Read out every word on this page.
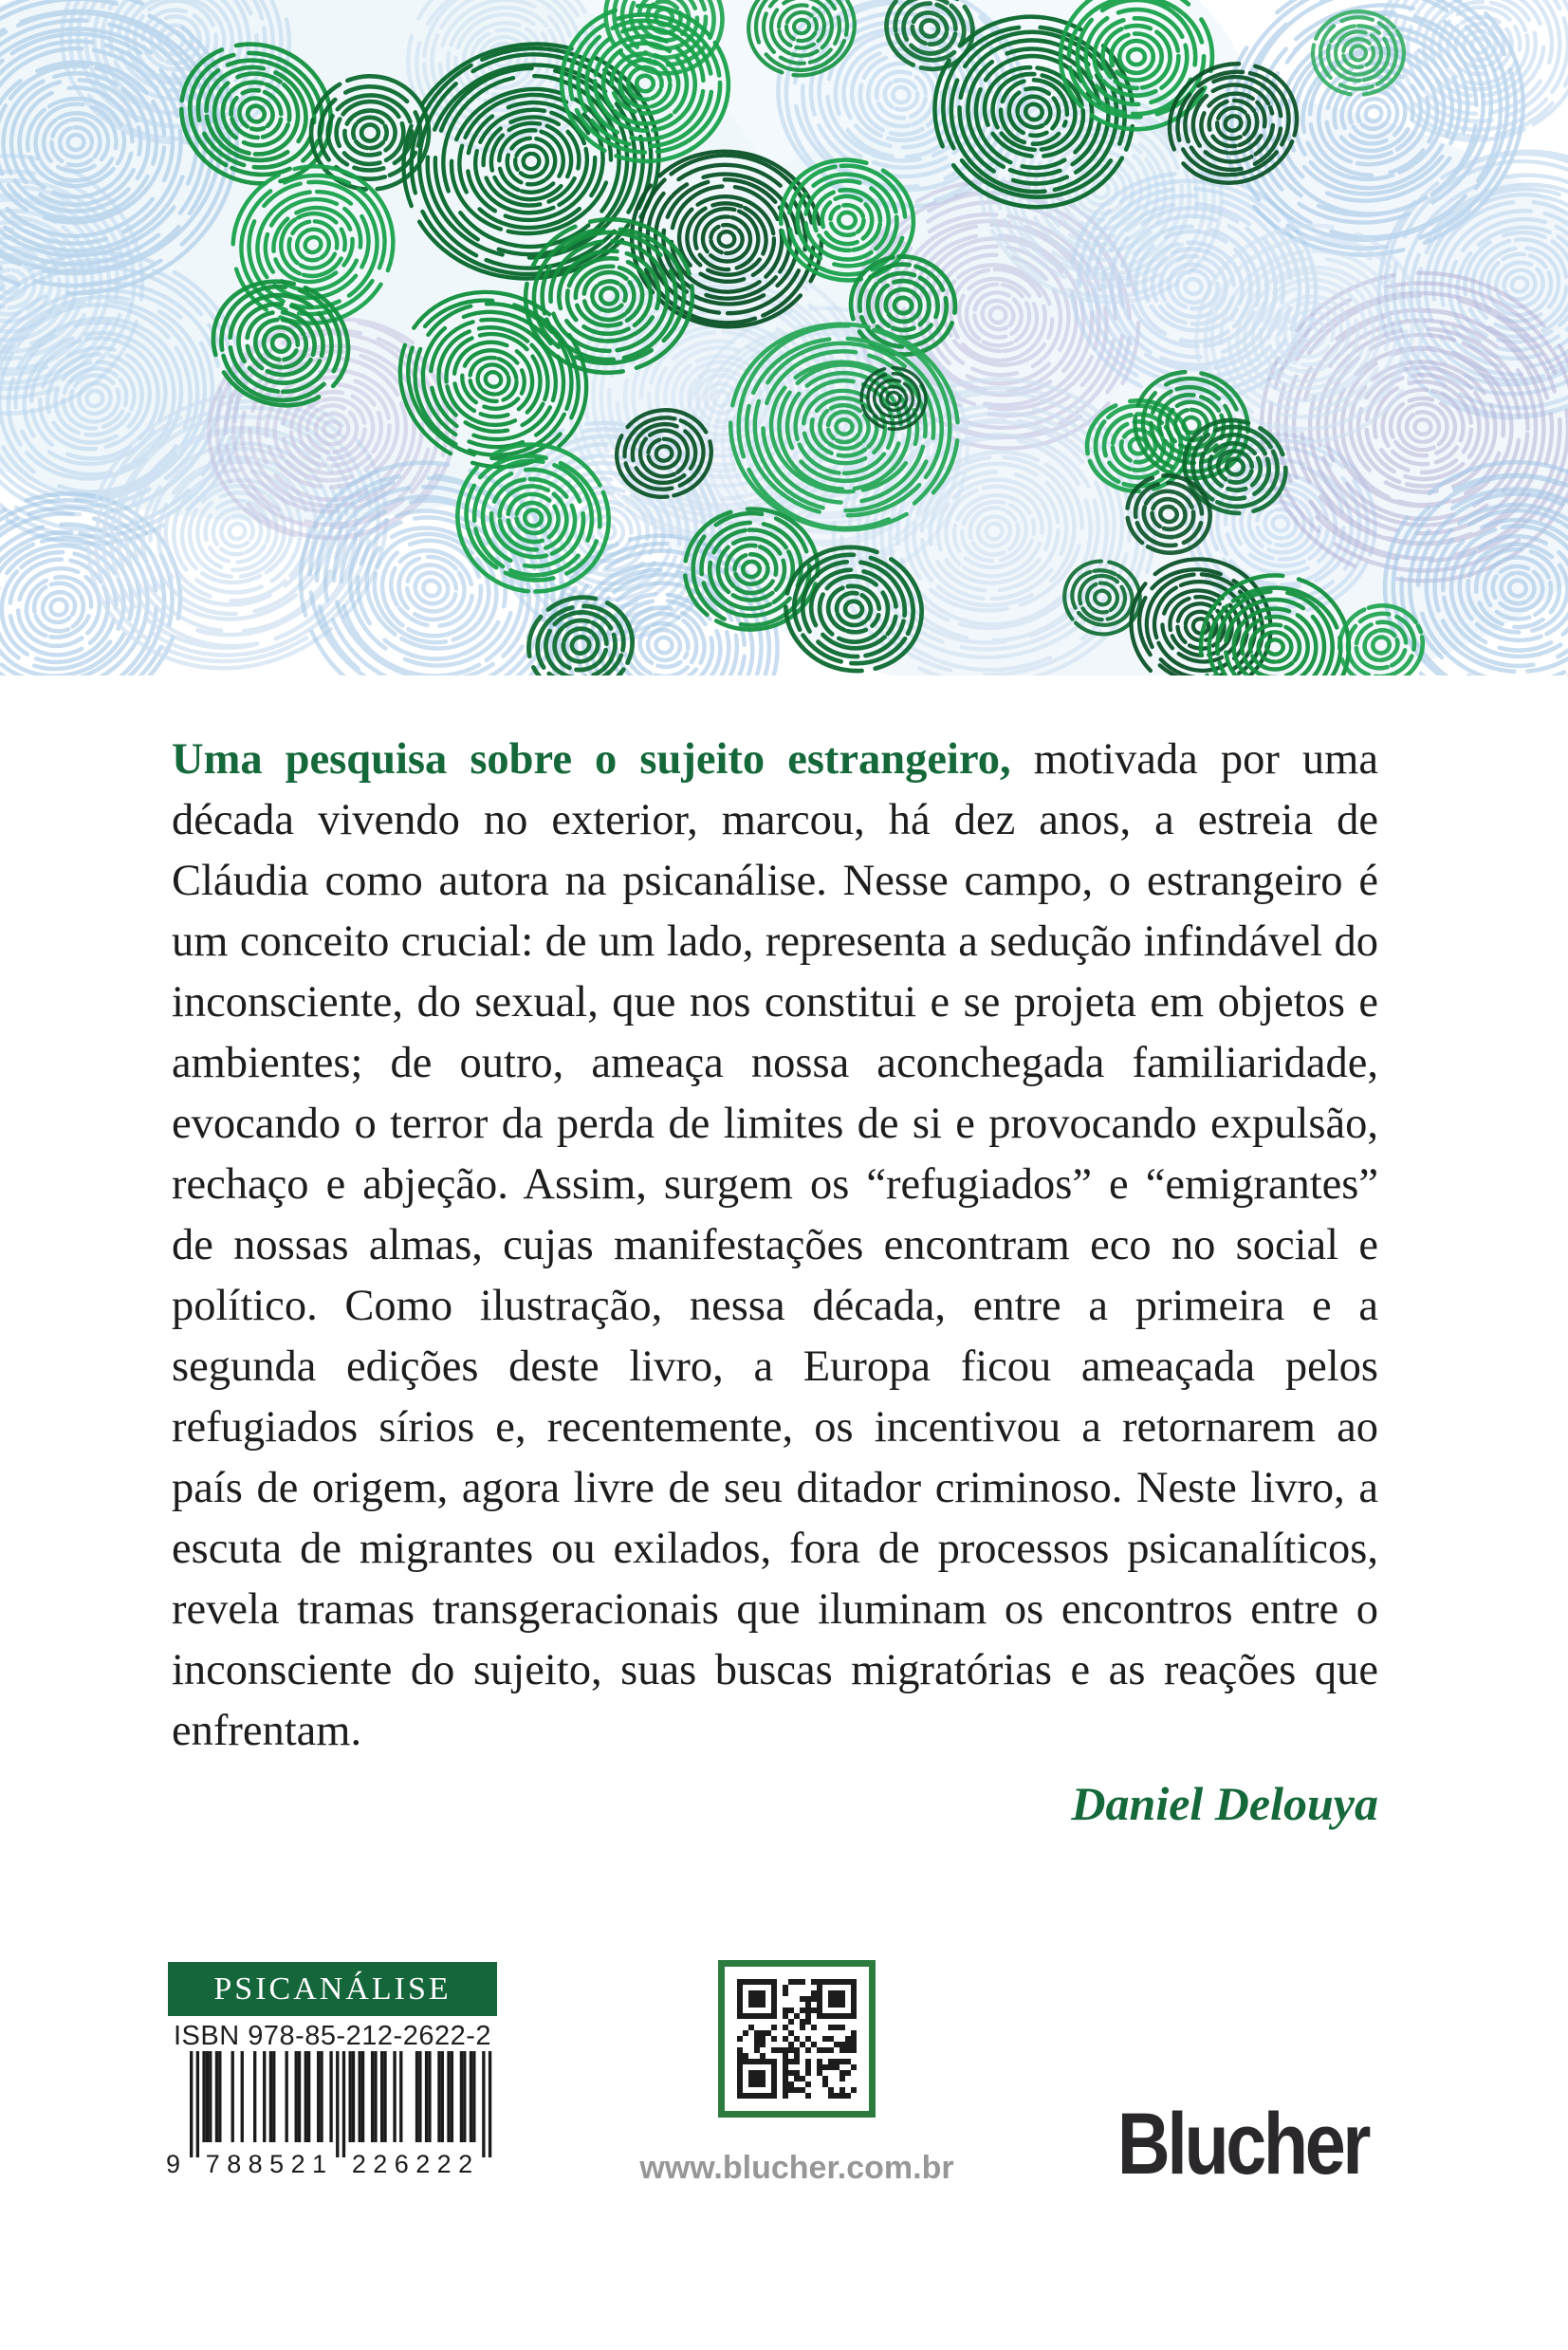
Uma pesquisa sobre o sujeito estrangeiro, motivada por uma década vivendo no exterior, marcou, há dez anos, a estreia de Cláudia como autora na psicanálise. Nesse campo, o estrangeiro é um conceito crucial: de um lado, representa a sedução infindável do inconsciente, do sexual, que nos constitui e se projeta em objetos e ambientes; de outro, ameaça nossa aconchegada familiaridade, evocando o terror da perda de limites de si e provocando expulsão, rechaço e abjeção. Assim, surgem os “refugiados” e “emigrantes” de nossas almas, cujas manifestações encontram eco no social e político. Como ilustração, nessa década, entre a primeira e a segunda edições deste livro, a Europa ficou ameaçada pelos refugiados sírios e, recentemente, os incentivou a retornarem ao país de origem, agora livre de seu ditador criminoso. Neste livro, a escuta de migrantes ou exilados, fora de processos psicanalíticos, revela tramas transgeracionais que iluminam os encontros entre o inconsciente do sujeito, suas buscas migratórias e as reações que enfrentam.

Daniel Delouya
PSICANÁLISE
ISBN 978-85-212-2622-2
9 788521 226222	www.blucher.com.br	Blucher
